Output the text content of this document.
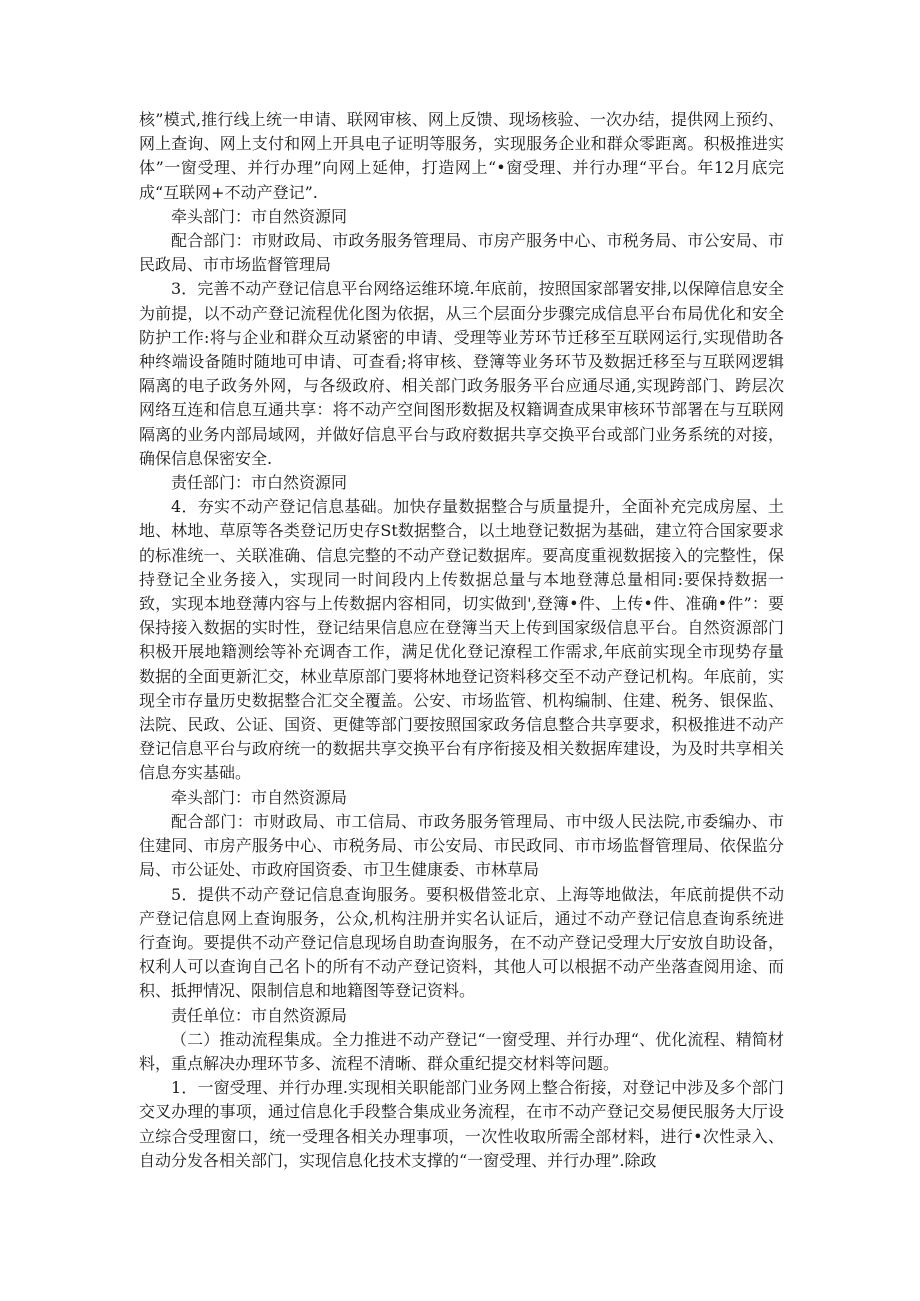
核”模式,推行线上统一申请、联网审核、网上反馈、现场核验、一次办结，提供网上预约、网上查询、网上支付和网上开具电子证明等服务，实现服务企业和群众零距离。积极推进实体”一窗受理、并行办理”向网上延伸，打造网上“•窗受理、并行办理“平台。年12月底完成“互联网+不动产登记”.

牵头部门：市自然资源同

配合部门：市财政局、市政务服务管理局、市房产服务中心、市税务局、市公安局、市民政局、市市场监督管理局

3．完善不动产登记信息平台网络运维环境.年底前，按照国家部署安排,以保障信息安全为前提，以不动产登记流程优化图为依据，从三个层面分步骤完成信息平台布局优化和安全防护工作:将与企业和群众互动紧密的申请、受理等业芳环节迁移至互联网运行,实现借助各种终端设备随时随地可申请、可查看;将审核、登簿等业务环节及数据迁移至与互联网逻辑隔离的电子政务外网，与各级政府、相关部门政务服务平台应通尽通,实现跨部门、跨层次网络互连和信息互通共享：将不动产空间图形数据及权籍调查成果审核环节部署在与互联网隔离的业务内部局域网，并做好信息平台与政府数据共享交换平台或部门业务系统的对接，确保信息保密安全.

责任部门：市白然资源同

4．夯实不动产登记信息基础。加快存量数据整合与质量提升，全面补充完成房屋、土地、林地、草原等各类登记历史存St数据整合，以土地登记数据为基础，建立符合国家要求的标准统一、关联准确、信息完整的不动产登记数据库。要高度重视数据接入的完整性，保持登记全业务接入，实现同一时间段内上传数据总量与本地登薄总量相同:要保持数据一致，实现本地登薄内容与上传数据内容相同，切实做到',登簿•件、上传•件、准确•件”：要保持接入数据的实时性，登记结果信息应在登簿当天上传到国家级信息平台。自然资源部门积极开展地籍测绘等补充调杳工作，满足优化登记潦程工作需求,年底前实现全市现势存量数据的全面更新汇交，林业草原部门要将林地登记资料移交至不动产登记机构。年底前，实现全市存量历史数据整合汇交全覆盖。公安、市场监管、机构编制、住建、税务、银保监、法院、民政、公证、国资、更健等部门要按照国家政务信息整合共享要求，积极推进不动产登记信息平台与政府统一的数据共享交换平台有序衔接及相关数据库建设，为及时共享相关信息夯实基础。

牵头部门：市自然资源局

配合部门：市财政局、市工信局、市政务服务管理局、市中级人民法院,市委编办、市住建同、市房产服务中心、市税务局、市公安局、市民政同、市市场监督管理局、依保监分局、市公证处、市政府国资委、市卫生健康委、市林草局

5．提供不动产登记信息查询服务。要积极借签北京、上海等地做法，年底前提供不动产登记信息网上查询服务，公众,机构注册并实名认证后，通过不动产登记信息查询系统进行查询。要提供不动产登记信息现场自助查询服务，在不动产登记受理大厅安放自助设备，权利人可以查询自己名卜的所有不动产登记资料，其他人可以根据不动产坐落查阅用途、而积、抵押情况、限制信息和地籍图等登记资料。

责任单位：市自然资源局

（二）推动流程集成。全力推进不动产登记“一窗受理、并行办理“、优化流程、精简材料，重点解决办理环节多、流程不清晰、群众重纪提交材料等问题。

1．一窗受理、并行办理.实现相关职能部门业务网上整合衔接，对登记中涉及多个部门交叉办理的事项，通过信息化手段整合集成业务流程，在市不动产登记交易便民服务大厅设立综合受理窗口，统一受理各相关办理事项，一次性收取所需全部材料，进行•次性录入、自动分发各相关部门，实现信息化技术支撑的“一窗受理、并行办理”.除政
